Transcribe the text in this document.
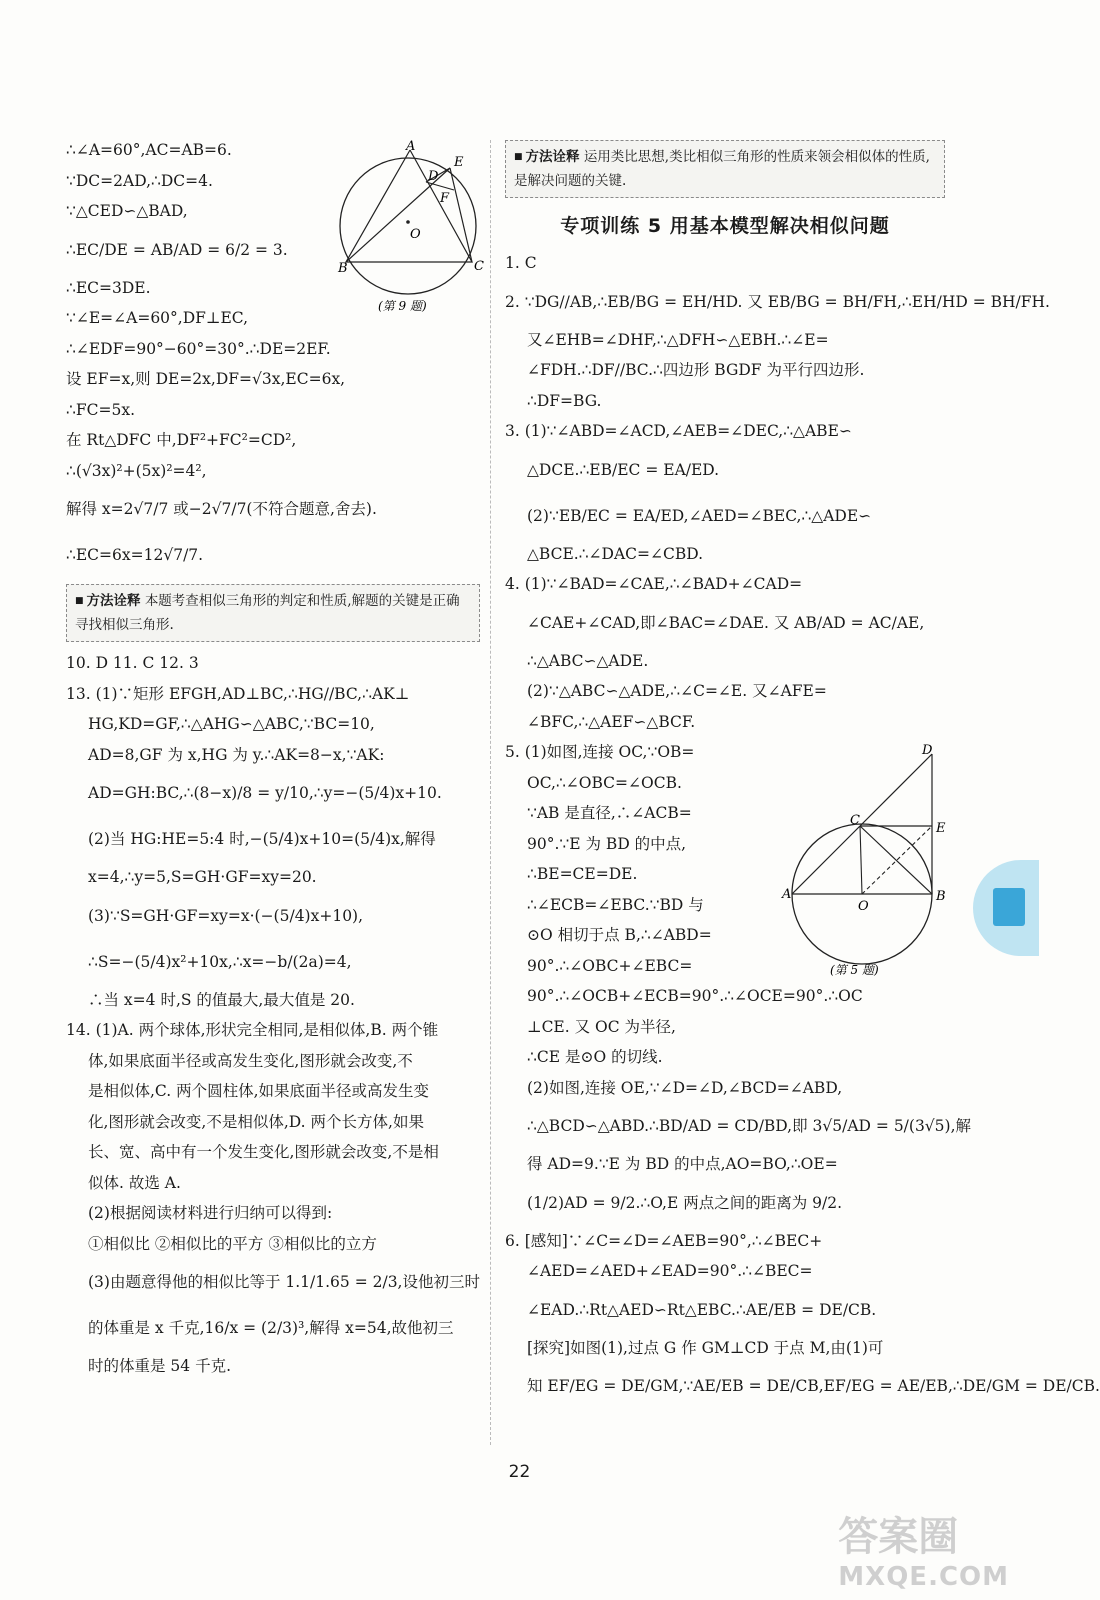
∴∠A=60°,AC=AB=6.
∵DC=2AD,∴DC=4.
∵△CED∽△BAD,
∴EC/DE = AB/AD = 6/2 = 3.
∴EC=3DE.
∵∠E=∠A=60°,DF⊥EC,
∴∠EDF=90°−60°=30°.∴DE=2EF.
设 EF=x,则 DE=2x,DF=√3x,EC=6x,
∴FC=5x.
在 Rt△DFC 中,DF²+FC²=CD²,
∴(√3x)²+(5x)²=4²,
解得 x=2√7/7 或−2√7/7(不符合题意,舍去).
∴EC=6x=12√7/7.
■ 方法诠释 本题考查相似三角形的判定和性质,解题的关键是正确寻找相似三角形.
10. D 11. C 12. 3
13. (1)∵矩形 EFGH,AD⊥BC,∴HG//BC,∴AK⊥
HG,KD=GF,∴△AHG∽△ABC,∵BC=10,
AD=8,GF 为 x,HG 为 y.∴AK=8−x,∵AK:
AD=GH:BC,∴(8−x)/8 = y/10,∴y=−(5/4)x+10.
(2)当 HG:HE=5:4 时,−(5/4)x+10=(5/4)x,解得
x=4,∴y=5,S=GH·GF=xy=20.
(3)∵S=GH·GF=xy=x·(−(5/4)x+10),
∴S=−(5/4)x²+10x,∴x=−b/(2a)=4,
∴当 x=4 时,S 的值最大,最大值是 20.
14. (1)A. 两个球体,形状完全相同,是相似体,B. 两个锥
体,如果底面半径或高发生变化,图形就会改变,不
是相似体,C. 两个圆柱体,如果底面半径或高发生变
化,图形就会改变,不是相似体,D. 两个长方体,如果
长、宽、高中有一个发生变化,图形就会改变,不是相
似体. 故选 A.
(2)根据阅读材料进行归纳可以得到:
①相似比 ②相似比的平方 ③相似比的立方
(3)由题意得他的相似比等于 1.1/1.65 = 2/3,设他初三时
的体重是 x 千克,16/x = (2/3)³,解得 x=54,故他初三
时的体重是 54 千克.
A
E
D
F
O
B	C
(第 9 题)
■ 方法诠释 运用类比思想,类比相似三角形的性质来领会相似体的性质,是解决问题的关键.
专项训练 5 用基本模型解决相似问题
1. C
2. ∵DG//AB,∴EB/BG = EH/HD. 又 EB/BG = BH/FH,∴EH/HD = BH/FH.
又∠EHB=∠DHF,∴△DFH∽△EBH.∴∠E=
∠FDH.∴DF//BC.∴四边形 BGDF 为平行四边形.
∴DF=BG.
3. (1)∵∠ABD=∠ACD,∠AEB=∠DEC,∴△ABE∽
△DCE.∴EB/EC = EA/ED.
(2)∵EB/EC = EA/ED,∠AED=∠BEC,∴△ADE∽
△BCE.∴∠DAC=∠CBD.
4. (1)∵∠BAD=∠CAE,∴∠BAD+∠CAD=
∠CAE+∠CAD,即∠BAC=∠DAE. 又 AB/AD = AC/AE,
∴△ABC∽△ADE.
(2)∵△ABC∽△ADE,∴∠C=∠E. 又∠AFE=
∠BFC,∴△AEF∽△BCF.
5. (1)如图,连接 OC,∵OB=
OC,∴∠OBC=∠OCB.
∵AB 是直径,∴∠ACB=
90°.∵E 为 BD 的中点,
∴BE=CE=DE.
∴∠ECB=∠EBC.∵BD 与
⊙O 相切于点 B,∴∠ABD=
90°.∴∠OBC+∠EBC=
90°.∴∠OCB+∠ECB=90°.∴∠OCE=90°.∴OC
⊥CE. 又 OC 为半径,
∴CE 是⊙O 的切线.
(2)如图,连接 OE,∵∠D=∠D,∠BCD=∠ABD,
∴△BCD∽△ABD.∴BD/AD = CD/BD,即 3√5/AD = 5/(3√5),解
得 AD=9.∵E 为 BD 的中点,AO=BO,∴OE=
(1/2)AD = 9/2.∴O,E 两点之间的距离为 9/2.
6. [感知]∵∠C=∠D=∠AEB=90°,∴∠BEC+
∠AED=∠AED+∠EAD=90°.∴∠BEC=
∠EAD.∴Rt△AED∽Rt△EBC.∴AE/EB = DE/CB.
[探究]如图(1),过点 G 作 GM⊥CD 于点 M,由(1)可
知 EF/EG = DE/GM,∵AE/EB = DE/CB,EF/EG = AE/EB,∴DE/GM = DE/CB.
D
C
E
A
O
B
(第 5 题)
22
答案圈
MXQE.COM
